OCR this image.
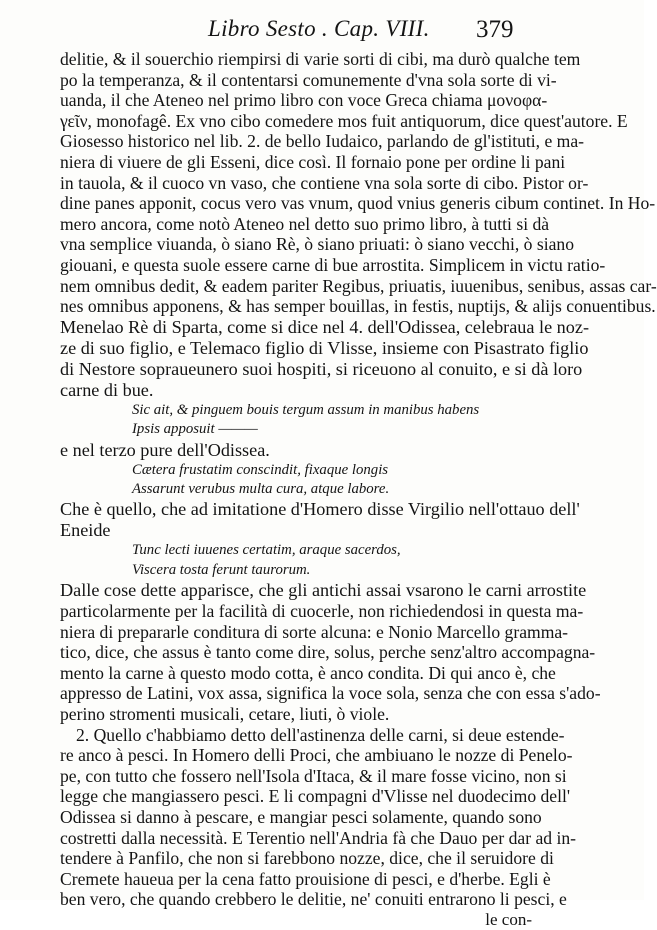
Libro Sesto . Cap. VIII. 379
delitie, & il souerchio riempirsi di varie sorti di cibi, ma durò qualche tem
po la temperanza, & il contentarsi comunemente d'vna sola sorte di vi-
uanda, il che Ateneo nel primo libro con voce Greca chiama μονοφα-
γεῖν, monofagê. Ex vno cibo comedere mos fuit antiquorum, dice quest'autore. E
Giosesso historico nel lib. 2. de bello Iudaico, parlando de gl'istituti, e ma-
niera di viuere de gli Esseni, dice così. Il fornaio pone per ordine li pani
in tauola, & il cuoco vn vaso, che contiene vna sola sorte di cibo. Pistor or-
dine panes apponit, cocus vero vas vnum, quod vnius generis cibum continet. In Ho-
mero ancora, come notò Ateneo nel detto suo primo libro, à tutti si dà
vna semplice viuanda, ò siano Rè, ò siano priuati: ò siano vecchi, ò siano
giouani, e questa suole essere carne di bue arrostita. Simplicem in victu ratio-
nem omnibus dedit, & eadem pariter Regibus, priuatis, iuuenibus, senibus, assas car-
nes omnibus apponens, & has semper bouillas, in festis, nuptijs, & alijs conuentibus.
Menelao Rè di Sparta, come si dice nel 4. dell'Odissea, celebraua le noz-
ze di suo figlio, e Telemaco figlio di Vlisse, insieme con Pisastrato figlio
di Nestore sopraueunero suoi hospiti, si riceuono al conuito, e si dà loro
carne di bue.
Sic ait, & pinguem bouis tergum assum in manibus habens
Ipsis apposuit ———
e nel terzo pure dell'Odissea.
Cætera frustatim conscindit, fixaque longis
Assarunt verubus multa cura, atque labore.
Che è quello, che ad imitatione d'Homero disse Virgilio nell'ottauo dell'
Eneide
Tunc lecti iuuenes certatim, araque sacerdos,
Viscera tosta ferunt taurorum.
Dalle cose dette apparisce, che gli antichi assai vsarono le carni arrostite
particolarmente per la facilità di cuocerle, non richiedendosi in questa ma-
niera di prepararle conditura di sorte alcuna: e Nonio Marcello gramma-
tico, dice, che assus è tanto come dire, solus, perche senz'altro accompagna-
mento la carne à questo modo cotta, è anco condita. Di qui anco è, che
appresso de Latini, vox assa, significa la voce sola, senza che con essa s'ado-
perino stromenti musicali, cetare, liuti, ò viole.
2. Quello c'habbiamo detto dell'astinenza delle carni, si deue estende-
re anco à pesci. In Homero delli Proci, che ambiuano le nozze di Penelo-
pe, con tutto che fossero nell'Isola d'Itaca, & il mare fosse vicino, non si
legge che mangiassero pesci. E li compagni d'Vlisse nel duodecimo dell'
Odissea si danno à pescare, e mangiar pesci solamente, quando sono
costretti dalla necessità. E Terentio nell'Andria fà che Dauo per dar ad in-
tendere à Panfilo, che non si farebbono nozze, dice, che il seruidore di
Cremete haueua per la cena fatto prouisione di pesci, e d'herbe. Egli è
ben vero, che quando crebbero le delitie, ne' conuiti entrarono li pesci, e
le con-
